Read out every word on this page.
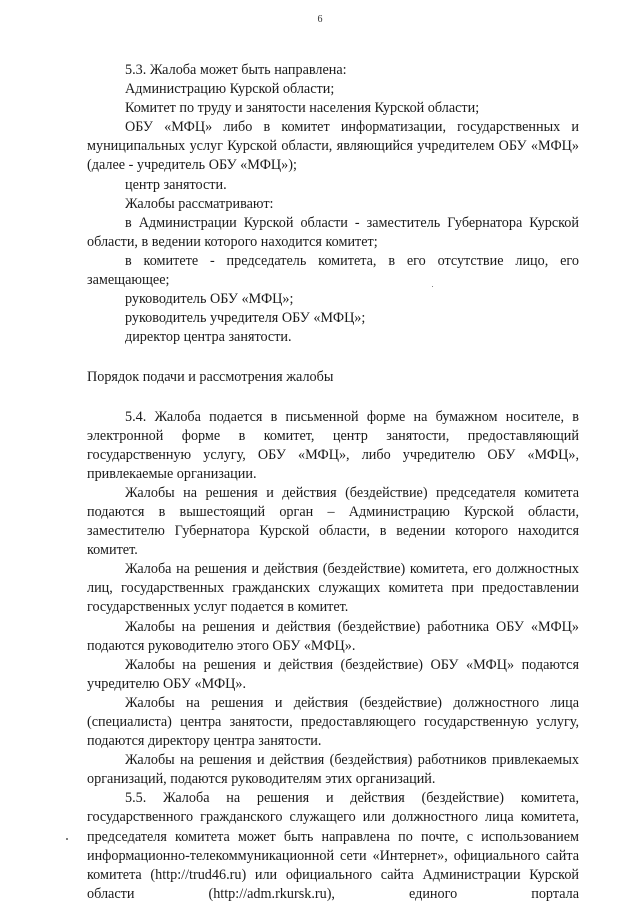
6

5.3. Жалоба может быть направлена:

Администрацию Курской области;

Комитет по труду и занятости населения Курской области;

ОБУ «МФЦ» либо в комитет информатизации, государственных и муниципальных услуг Курской области, являющийся учредителем ОБУ «МФЦ» (далее - учредитель ОБУ «МФЦ»);

центр занятости.

Жалобы рассматривают:

в Администрации Курской области - заместитель Губернатора Курской области, в ведении которого находится комитет;

в комитете - председатель комитета, в его отсутствие лицо, его замещающее;

руководитель ОБУ «МФЦ»;

руководитель учредителя ОБУ «МФЦ»;

директор центра занятости.

Порядок подачи и рассмотрения жалобы

5.4. Жалоба подается в письменной форме на бумажном носителе, в электронной форме в комитет, центр занятости, предоставляющий государственную услугу, ОБУ «МФЦ», либо учредителю ОБУ «МФЦ», привлекаемые организации.

Жалобы на решения и действия (бездействие) председателя комитета подаются в вышестоящий орган – Администрацию Курской области, заместителю Губернатора Курской области, в ведении которого находится комитет.

Жалоба на решения и действия (бездействие) комитета, его должностных лиц, государственных гражданских служащих комитета при предоставлении государственных услуг подается в комитет.

Жалобы на решения и действия (бездействие) работника ОБУ «МФЦ» подаются руководителю этого ОБУ «МФЦ».

Жалобы на решения и действия (бездействие) ОБУ «МФЦ» подаются учредителю ОБУ «МФЦ».

Жалобы на решения и действия (бездействие) должностного лица (специалиста) центра занятости, предоставляющего государственную услугу, подаются директору центра занятости.

Жалобы на решения и действия (бездействия) работников привлекаемых организаций, подаются руководителям этих организаций.

5.5. Жалоба на решения и действия (бездействие) комитета, государственного гражданского служащего или должностного лица комитета, председателя комитета может быть направлена по почте, с использованием информационно-телекоммуникационной сети «Интернет», официального сайта комитета (http://trud46.ru) или официального сайта Администрации Курской области (http://adm.rkursk.ru), единого портала
